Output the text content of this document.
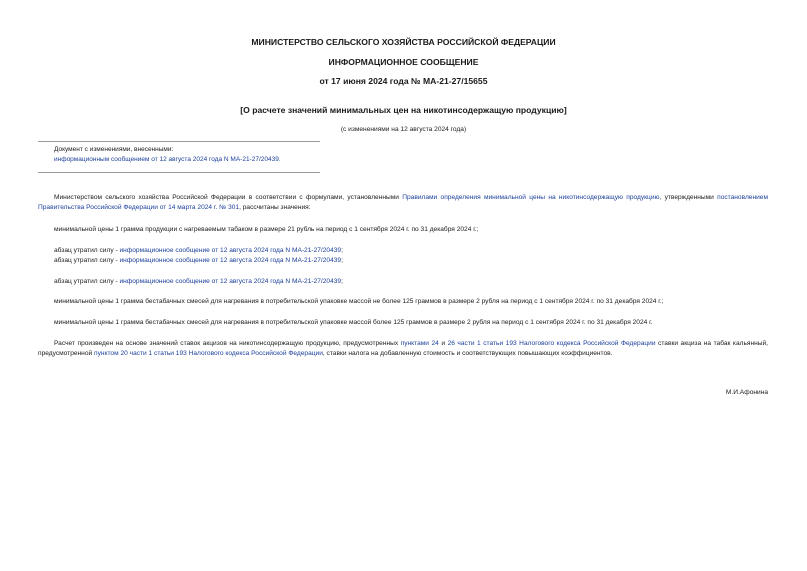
МИНИСТЕРСТВО СЕЛЬСКОГО ХОЗЯЙСТВА РОССИЙСКОЙ ФЕДЕРАЦИИ
ИНФОРМАЦИОННОЕ СООБЩЕНИЕ
от 17 июня 2024 года № МА-21-27/15655
[О расчете значений минимальных цен на никотинсодержащую продукцию]
(с изменениями на 12 августа 2024 года)
Документ с изменениями, внесенными:
информационным сообщением от 12 августа 2024 года N МА-21-27/20439.
Министерством сельского хозяйства Российской Федерации в соответствии с формулами, установленными Правилами определения минимальной цены на никотинсодержащую продукцию, утвержденными постановлением Правительства Российской Федерации от 14 марта 2024 г. № 301, рассчитаны значения:
минимальной цены 1 грамма продукции с нагреваемым табаком в размере 21 рубль на период с 1 сентября 2024 г. по 31 декабря 2024 г.;
абзац утратил силу - информационное сообщение от 12 августа 2024 года N МА-21-27/20439;
абзац утратил силу - информационное сообщение от 12 августа 2024 года N МА-21-27/20439;
абзац утратил силу - информационное сообщение от 12 августа 2024 года N МА-21-27/20439;
минимальной цены 1 грамма бестабачных смесей для нагревания в потребительской упаковке массой не более 125 граммов в размере 2 рубля на период с 1 сентября 2024 г. по 31 декабря 2024 г.;
минимальной цены 1 грамма бестабачных смесей для нагревания в потребительской упаковке массой более 125 граммов в размере 2 рубля на период с 1 сентября 2024 г. по 31 декабря 2024 г.
Расчет произведен на основе значений ставок акцизов на никотинсодержащую продукцию, предусмотренных пунктами 24 и 26 части 1 статьи 193 Налогового кодекса Российской Федерации ставки акциза на табак кальянный, предусмотренной пунктом 20 части 1 статьи 193 Налогового кодекса Российской Федерации, ставки налога на добавленную стоимость и соответствующих повышающих коэффициентов.
М.И.Афонина
